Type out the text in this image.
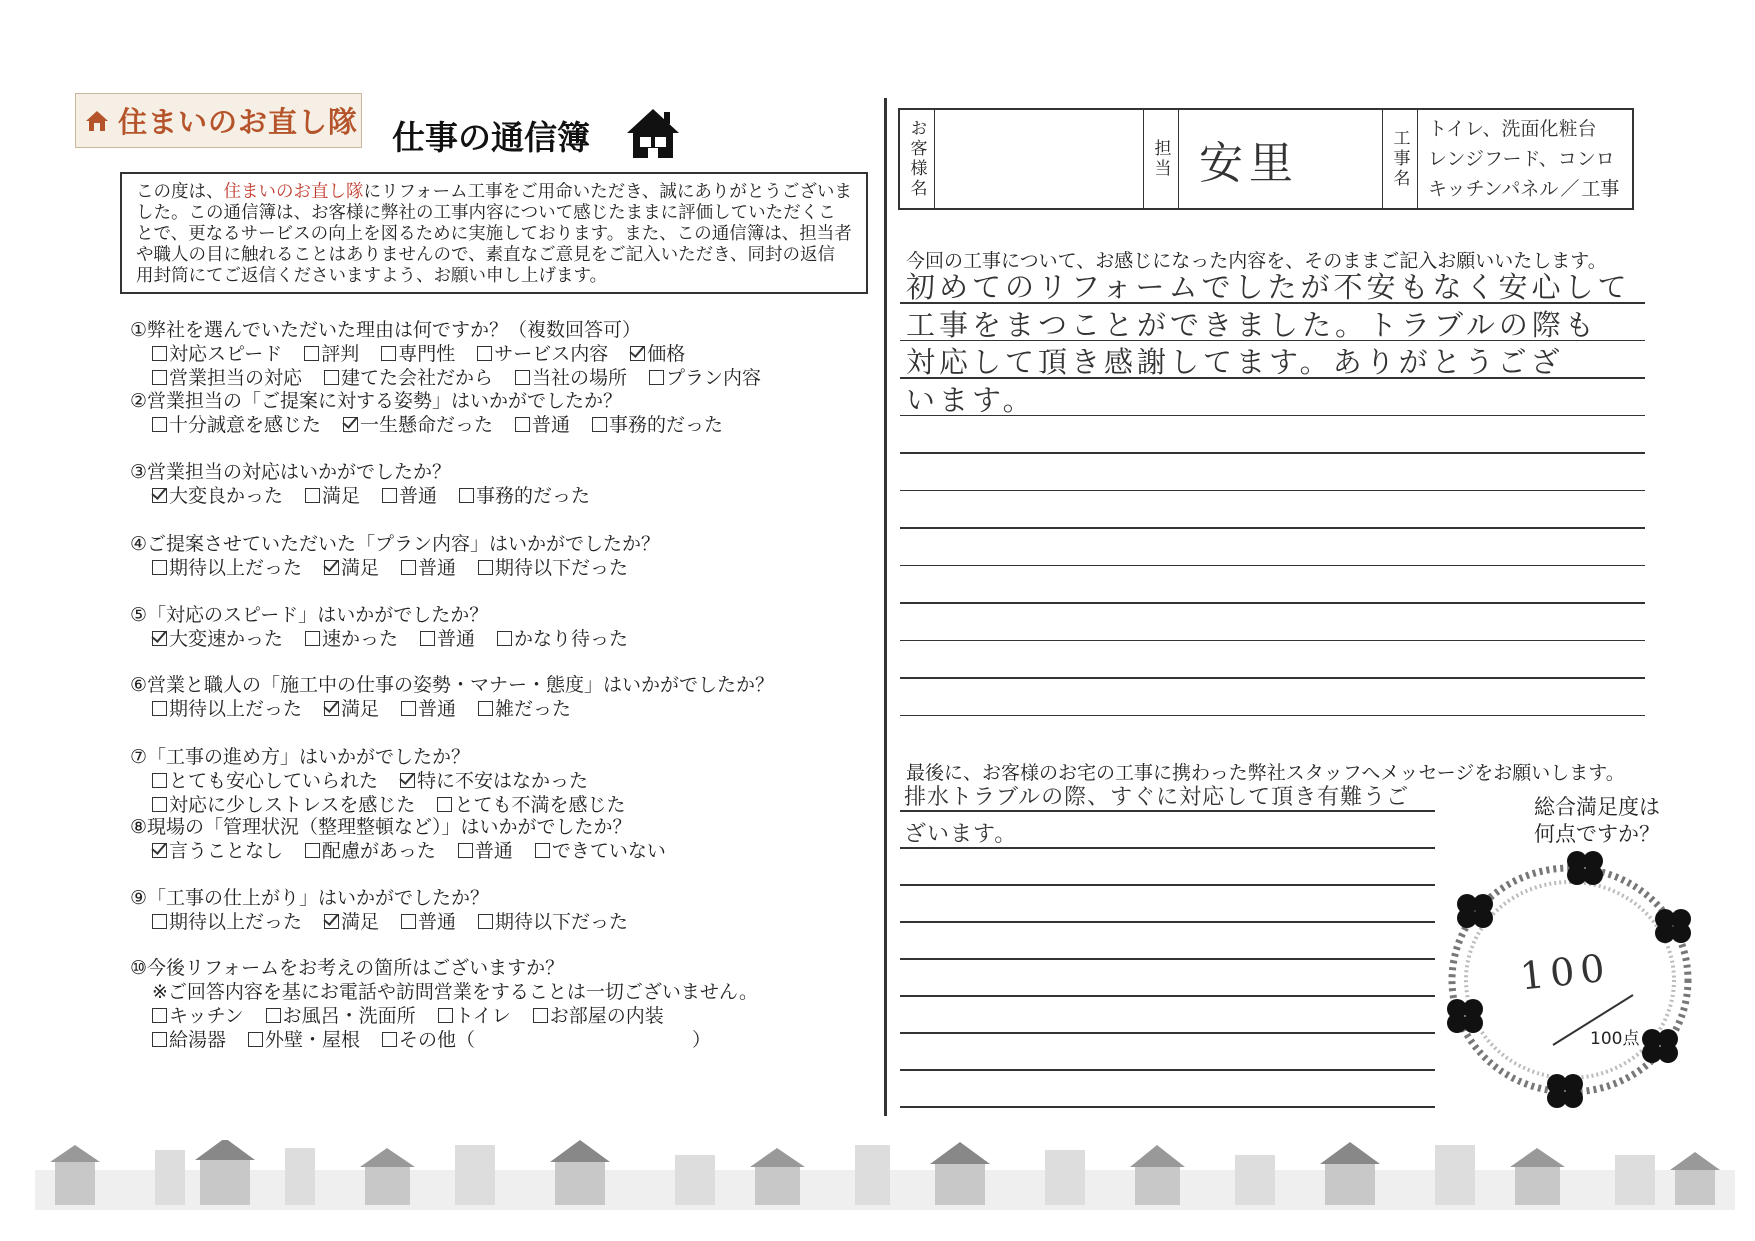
住まいのお直し隊 仕事の通信簿
この度は、住まいのお直し隊にリフォーム工事をご用命いただき、誠にありがとうございました。この通信簿は、お客様に弊社の工事内容について感じたままに評価していただくことで、更なるサービスの向上を図るために実施しております。また、この通信簿は、担当者や職人の目に触れることはありませんので、素直なご意見をご記入いただき、同封の返信用封筒にてご返信くださいますよう、お願い申し上げます。
①弊社を選んでいただいた理由は何ですか？（複数回答可）
対応スピード	評判	専門性	サービス内容	価格
営業担当の対応	建てた会社だから	当社の場所	プラン内容
②営業担当の「ご提案に対する姿勢」はいかがでしたか？
十分誠意を感じた	一生懸命だった	普通	事務的だった
③営業担当の対応はいかがでしたか？
大変良かった	満足	普通	事務的だった
④ご提案させていただいた「プラン内容」はいかがでしたか？
期待以上だった	満足	普通	期待以下だった
⑤「対応のスピード」はいかがでしたか？
大変速かった	速かった	普通	かなり待った
⑥営業と職人の「施工中の仕事の姿勢・マナー・態度」はいかがでしたか？
期待以上だった	満足	普通	雑だった
⑦「工事の進め方」はいかがでしたか？
とても安心していられた	特に不安はなかった
対応に少しストレスを感じた	とても不満を感じた
⑧現場の「管理状況（整理整頓など）」はいかがでしたか？
言うことなし	配慮があった	普通	できていない
⑨「工事の仕上がり」はいかがでしたか？
期待以上だった	満足	普通	期待以下だった
⑩今後リフォームをお考えの箇所はございますか？
※ご回答内容を基にお電話や訪問営業をすることは一切ございません。
キッチン	お風呂・洗面所	トイレ	お部屋の内装
給湯器	外壁・屋根	その他（	）
お客様名	担当 安里	工事名 トイレ、洗面化粧台
レンジフード、コンロ
キッチンパネル ／ 工事
今回の工事について、お感じになった内容を、そのままご記入お願いいたします。
初めてのリフォームでしたが不安もなく安心して
工事をまつことができました。トラブルの際も
対応して頂き感謝してます。ありがとうござ
います。
最後に、お客様のお宅の工事に携わった弊社スタッフへメッセージをお願いします。
排水トラブルの際、すぐに対応して頂き有難うご
ざいます。
総合満足度は何点ですか？
100
100点
